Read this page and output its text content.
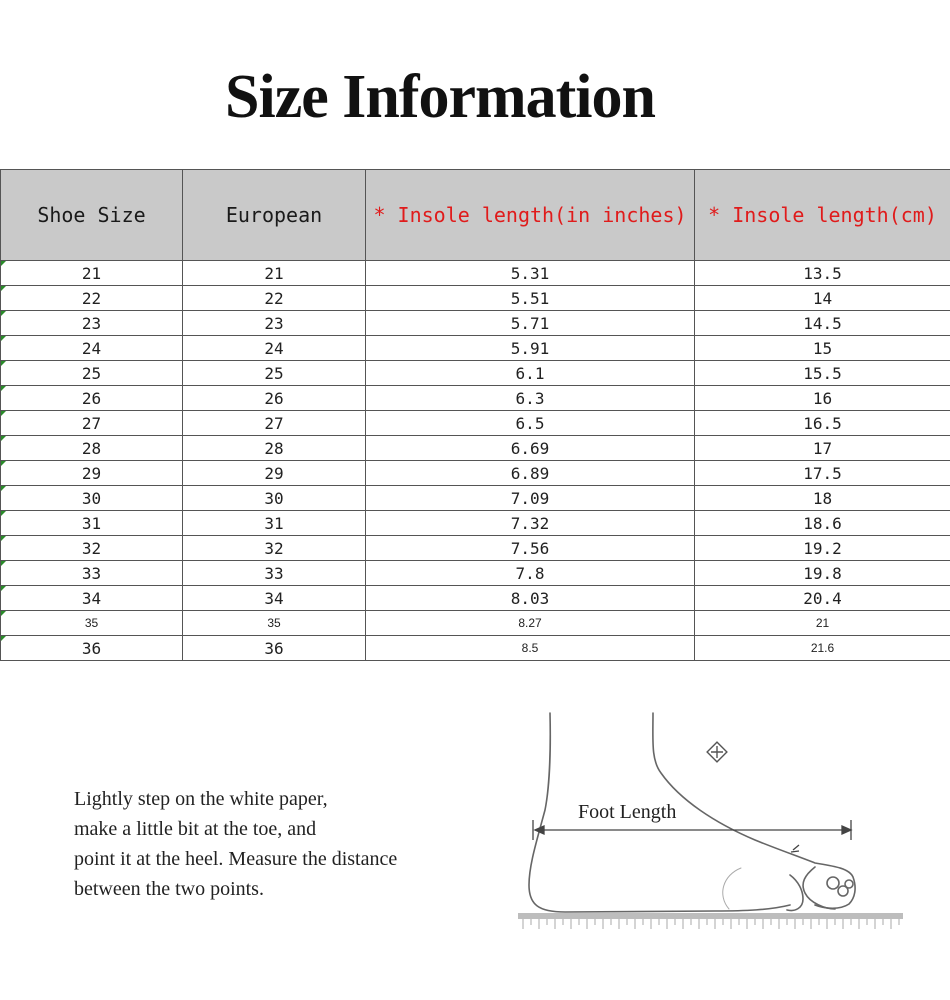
Size Information
Shoe Size	European	* Insole length(in inches)	* Insole length(cm)
21	21	5.31	13.5
22	22	5.51	14
23	23	5.71	14.5
24	24	5.91	15
25	25	6.1	15.5
26	26	6.3	16
27	27	6.5	16.5
28	28	6.69	17
29	29	6.89	17.5
30	30	7.09	18
31	31	7.32	18.6
32	32	7.56	19.2
33	33	7.8	19.8
34	34	8.03	20.4
35	35	8.27	21
36	36	8.5	21.6
Lightly step on the white paper,
make a little bit at the toe, and
point it at the heel. Measure the distance
between the two points.
Foot Length
